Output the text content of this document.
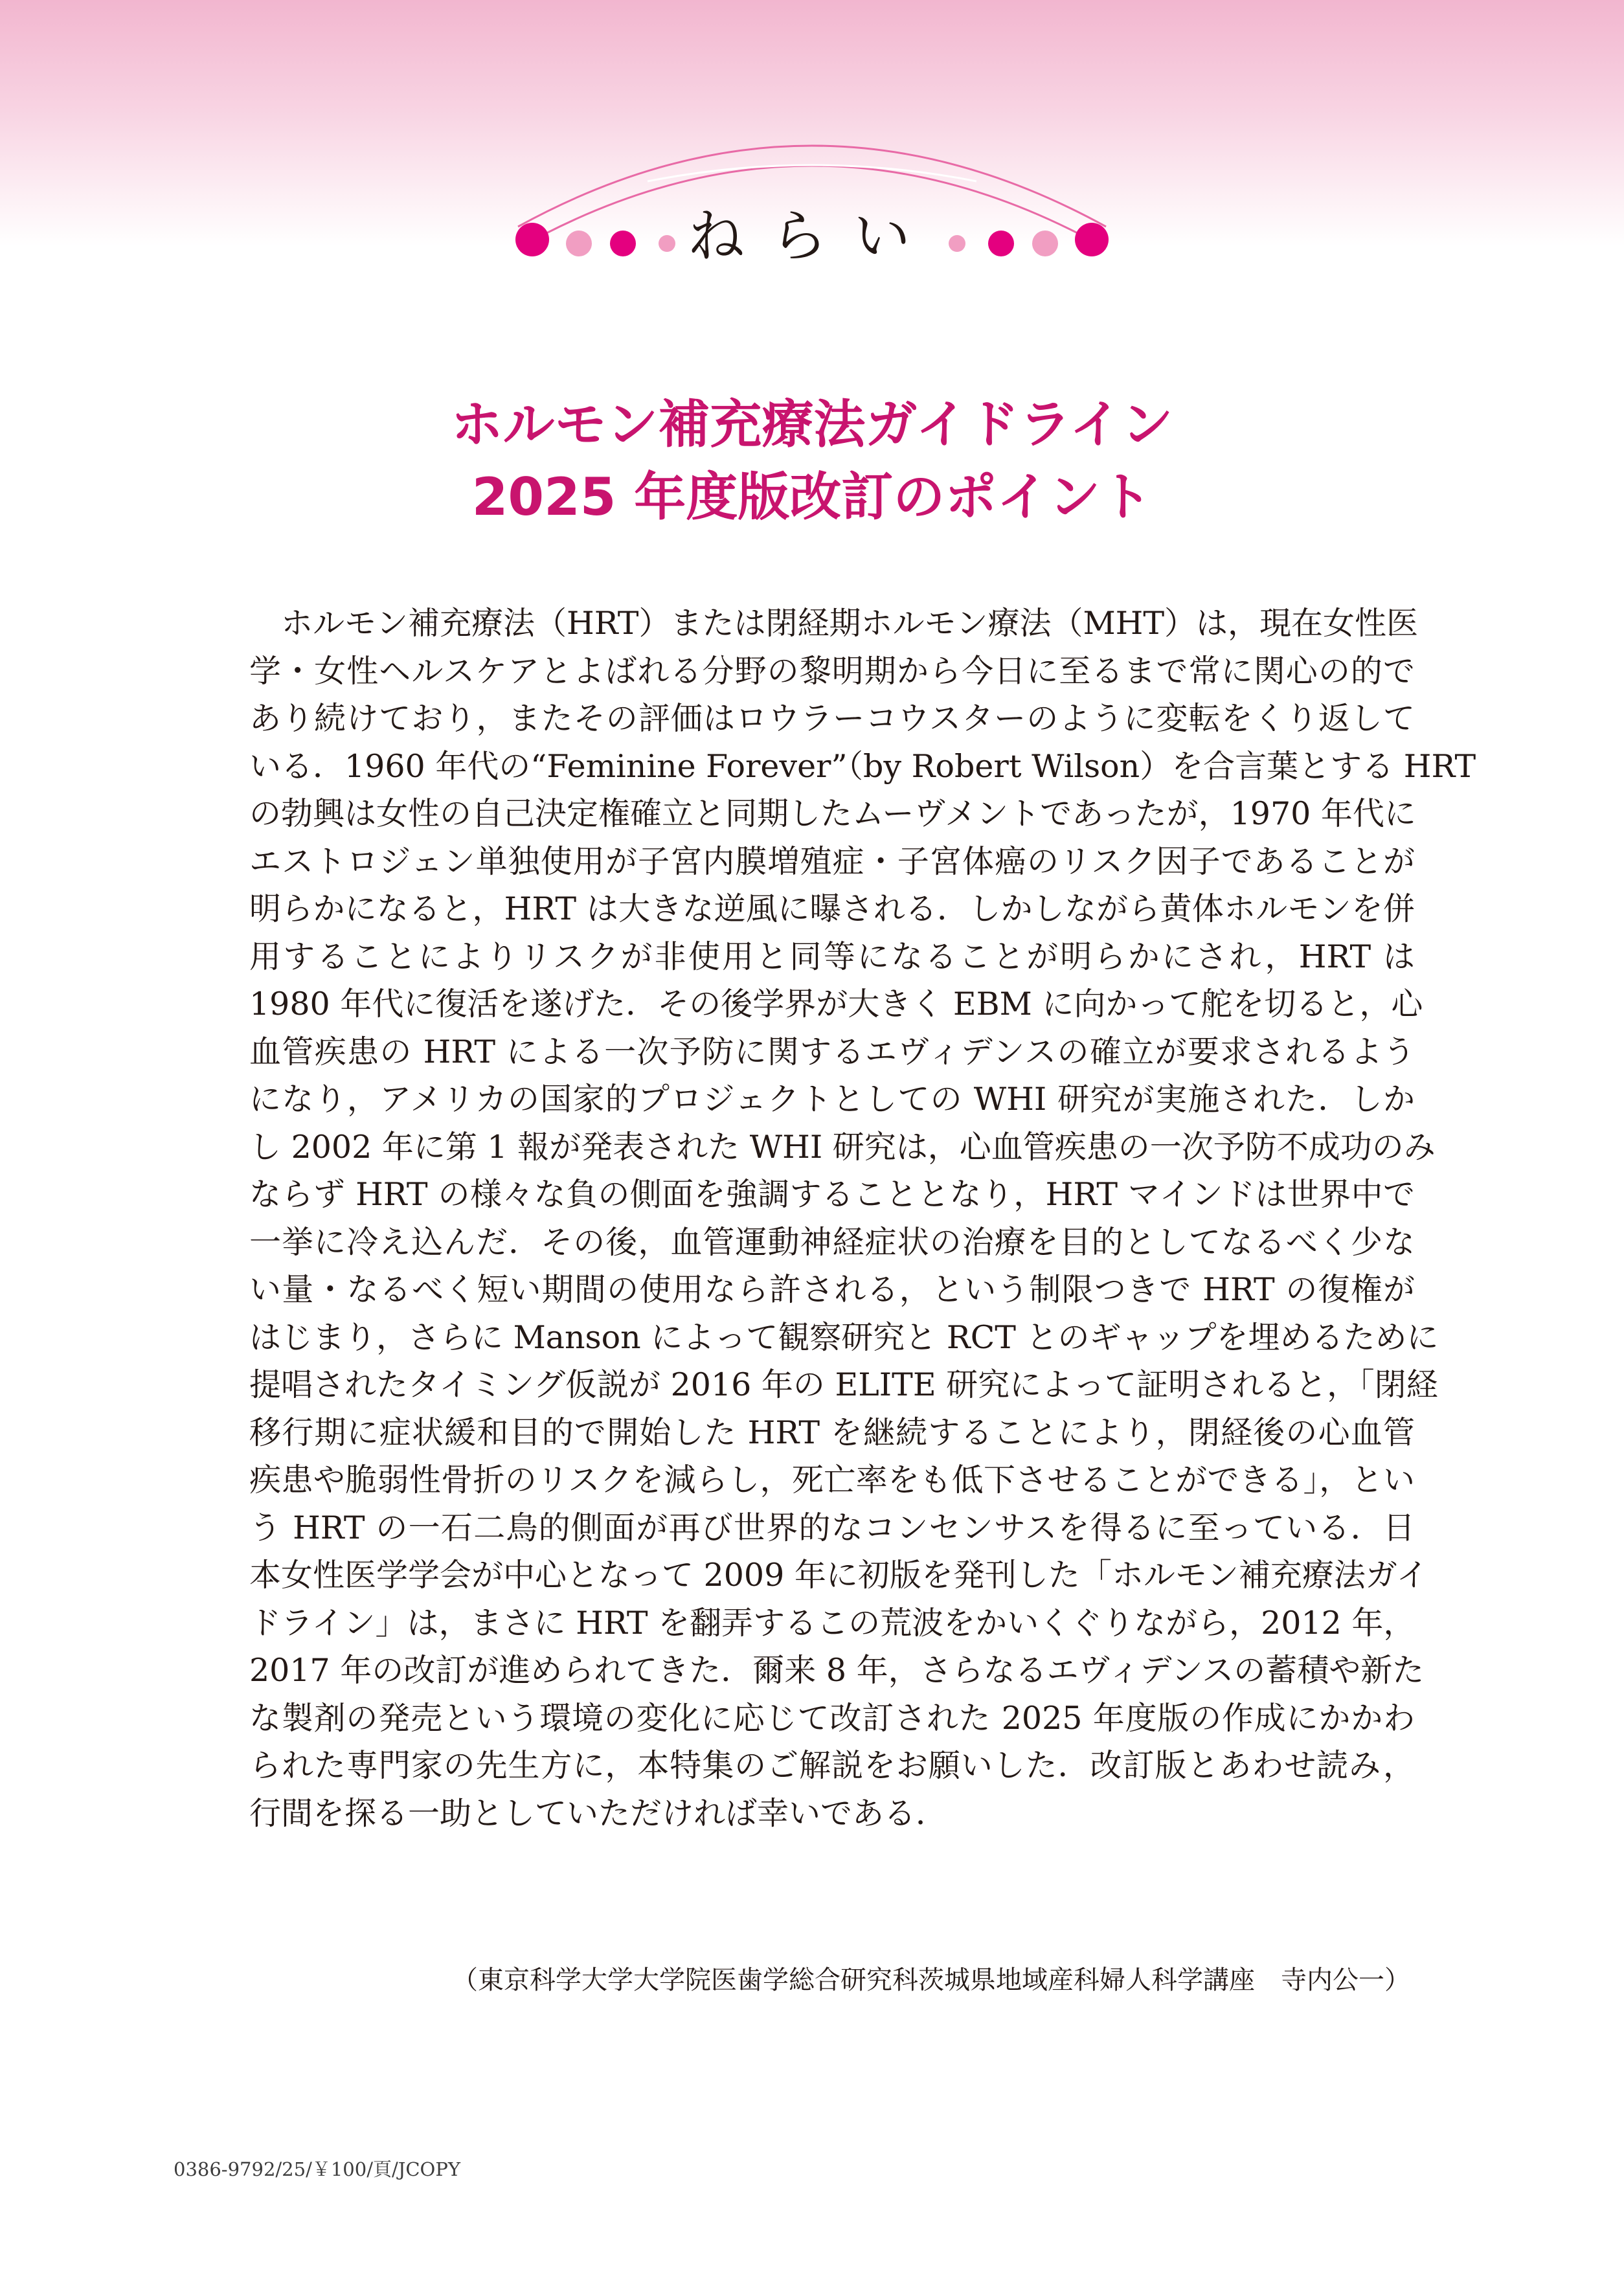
ねらい
ホルモン補充療法ガイドライン
2025 年度版改訂のポイント
　ホルモン補充療法（HRT）または閉経期ホルモン療法（MHT）は，現在女性医
学・女性ヘルスケアとよばれる分野の黎明期から今日に至るまで常に関心の的で
あり続けており，またその評価はロウラーコウスターのように変転をくり返して
いる．1960 年代の“Feminine Forever”（by Robert Wilson）を合言葉とする HRT
の勃興は女性の自己決定権確立と同期したムーヴメントであったが，1970 年代に
エストロジェン単独使用が子宮内膜増殖症・子宮体癌のリスク因子であることが
明らかになると，HRT は大きな逆風に曝される．しかしながら黄体ホルモンを併
用することによりリスクが非使用と同等になることが明らかにされ，HRT は
1980 年代に復活を遂げた．その後学界が大きく EBM に向かって舵を切ると，心
血管疾患の HRT による一次予防に関するエヴィデンスの確立が要求されるよう
になり，アメリカの国家的プロジェクトとしての WHI 研究が実施された．しか
し 2002 年に第 1 報が発表された WHI 研究は，心血管疾患の一次予防不成功のみ
ならず HRT の様々な負の側面を強調することとなり，HRT マインドは世界中で
一挙に冷え込んだ．その後，血管運動神経症状の治療を目的としてなるべく少な
い量・なるべく短い期間の使用なら許される，という制限つきで HRT の復権が
はじまり，さらに Manson によって観察研究と RCT とのギャップを埋めるために
提唱されたタイミング仮説が 2016 年の ELITE 研究によって証明されると，「閉経
移行期に症状緩和目的で開始した HRT を継続することにより，閉経後の心血管
疾患や脆弱性骨折のリスクを減らし，死亡率をも低下させることができる」，とい
う HRT の一石二鳥的側面が再び世界的なコンセンサスを得るに至っている．日
本女性医学学会が中心となって 2009 年に初版を発刊した「ホルモン補充療法ガイ
ドライン」は，まさに HRT を翻弄するこの荒波をかいくぐりながら，2012 年，
2017 年の改訂が進められてきた．爾来 8 年，さらなるエヴィデンスの蓄積や新た
な製剤の発売という環境の変化に応じて改訂された 2025 年度版の作成にかかわ
られた専門家の先生方に，本特集のご解説をお願いした．改訂版とあわせ読み，
行間を探る一助としていただければ幸いである．

（東京科学大学大学院医歯学総合研究科茨城県地域産科婦人科学講座　寺内公一）

0386-9792/25/￥100/頁/JCOPY
